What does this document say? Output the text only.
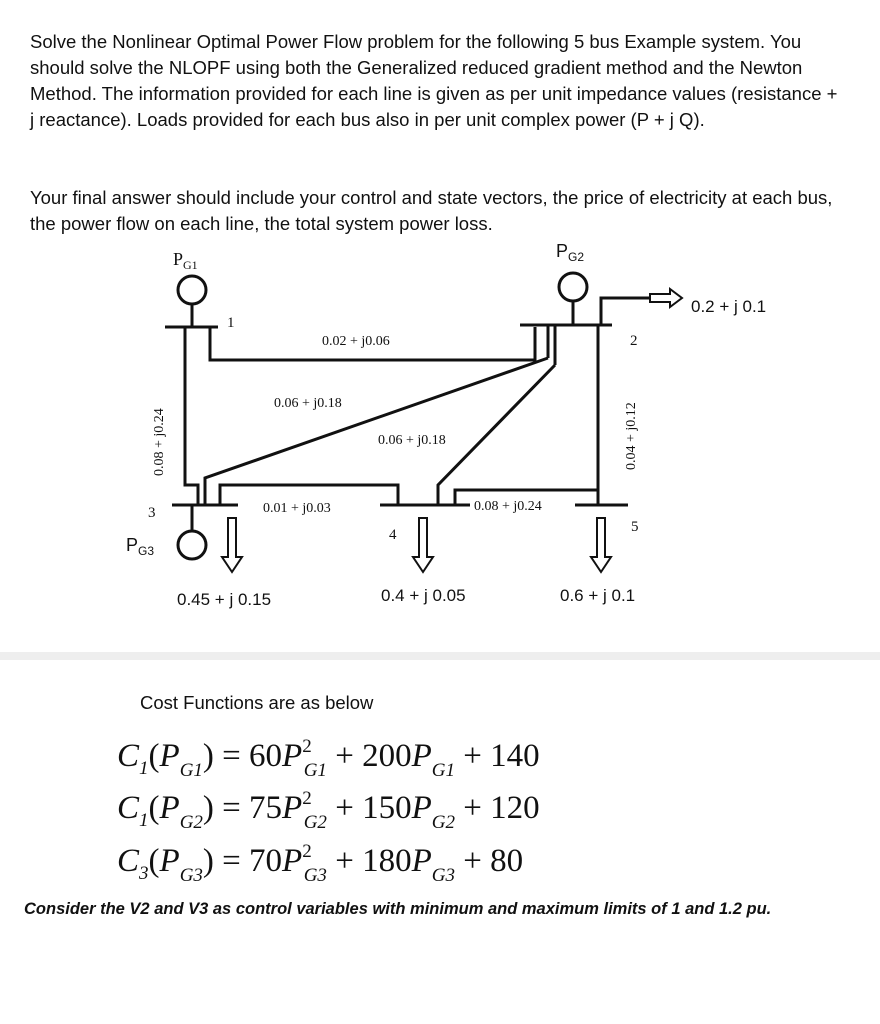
Solve the Nonlinear Optimal Power Flow problem for the following 5 bus Example system. You should solve the NLOPF using both the Generalized reduced gradient method and the Newton Method. The information provided for each line is given as per unit impedance values (resistance + j reactance). Loads provided for each bus also in per unit complex power (P + j Q).

Your final answer should include your control and state vectors, the price of electricity at each bus, the power flow on each line, the total system power loss.

$P_{G1}$
$P_{G2}$
$P_{G3}$
1
2
3
4	5
0.02 + j0.06
0.06 + j0.18
0.06 + j0.18
0.01 + j0.03	0.08 + j0.24
0.08 + j0.24	0.04 + j0.12
0.2 + j 0.1
0.45 + j 0.15	0.4 + j 0.05	0.6 + j 0.1
Cost Functions are as below
$C_1(P_{G1}) = 60P^2_{G1} + 200P_{G1} + 140$
$C_1(P_{G2}) = 75P^2_{G2} + 150P_{G2} + 120$
$C_3(P_{G3}) = 70P^2_{G3} + 180P_{G3} + 80$
Consider the V2 and V3 as control variables with minimum and maximum limits of 1 and 1.2 pu.
